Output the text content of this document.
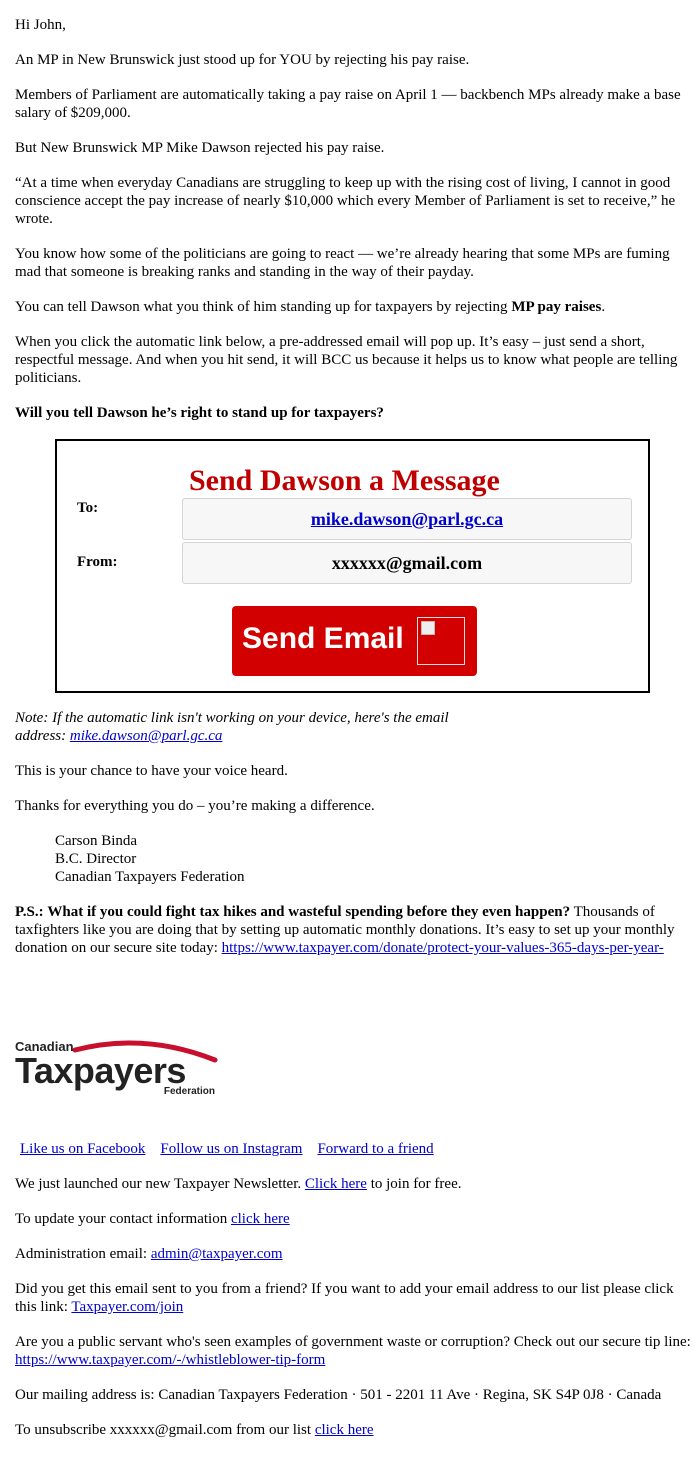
Hi John,

An MP in New Brunswick just stood up for YOU by rejecting his pay raise.

Members of Parliament are automatically taking a pay raise on April 1 — backbench MPs already make a base salary of $209,000.

But New Brunswick MP Mike Dawson rejected his pay raise.

“At a time when everyday Canadians are struggling to keep up with the rising cost of living, I cannot in good conscience accept the pay increase of nearly $10,000 which every Member of Parliament is set to receive,” he wrote.

You know how some of the politicians are going to react — we’re already hearing that some MPs are fuming mad that someone is breaking ranks and standing in the way of their payday.

You can tell Dawson what you think of him standing up for taxpayers by rejecting MP pay raises.

When you click the automatic link below, a pre-addressed email will pop up. It’s easy – just send a short, respectful message. And when you hit send, it will BCC us because it helps us to know what people are telling politicians.

Will you tell Dawson he’s right to stand up for taxpayers?

Send Dawson a Message
To:
mike.dawson@parl.gc.ca
From:	xxxxxx@gmail.com
Send Email

Note: If the automatic link isn't working on your device, here's the email address: mike.dawson@parl.gc.ca

This is your chance to have your voice heard.

Thanks for everything you do – you’re making a difference.

Carson Binda
B.C. Director
Canadian Taxpayers Federation

P.S.: What if you could fight tax hikes and wasteful spending before they even happen? Thousands of taxfighters like you are doing that by setting up automatic monthly donations. It’s easy to set up your monthly donation on our secure site today: https://www.taxpayer.com/donate/protect-your-values-365-days-per-year-

Canadian
Taxpayers
Federation

Like us on Facebook Follow us on Instagram Forward to a friend

We just launched our new Taxpayer Newsletter. Click here to join for free.

To update your contact information click here

Administration email: admin@taxpayer.com

Did you get this email sent to you from a friend? If you want to add your email address to our list please click this link: Taxpayer.com/join

Are you a public servant who's seen examples of government waste or corruption? Check out our secure tip line: https://www.taxpayer.com/-/whistleblower-tip-form

Our mailing address is: Canadian Taxpayers Federation · 501 - 2201 11 Ave · Regina, SK S4P 0J8 · Canada

To unsubscribe xxxxxx@gmail.com from our list click here
